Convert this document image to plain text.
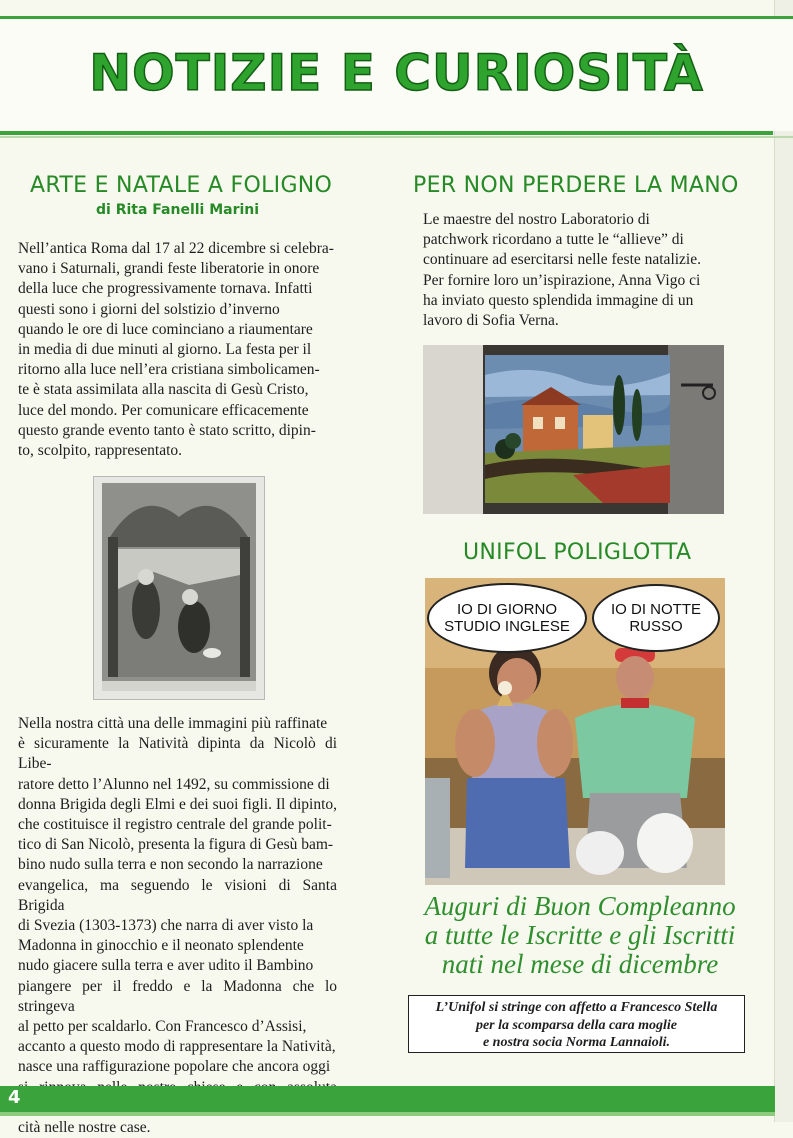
NOTIZIE E CURIOSITÀ
ARTE E NATALE A FOLIGNO
di Rita Fanelli Marini
Nell’antica Roma dal 17 al 22 dicembre si celebra-
vano i Saturnali, grandi feste liberatorie in onore
della luce che progressivamente tornava. Infatti
questi sono i giorni del solstizio d’inverno
quando le ore di luce cominciano a riaumentare
in media di due minuti al giorno. La festa per il
ritorno alla luce nell’era cristiana simbolicamen-
te è stata assimilata alla nascita di Gesù Cristo,
luce del mondo. Per comunicare efficacemente
questo grande evento tanto è stato scritto, dipin-
to, scolpito, rappresentato.
Nella nostra città una delle immagini più raffinate
è sicuramente la Natività dipinta da Nicolò di Libe-
ratore detto l’Alunno nel 1492, su commissione di
donna Brigida degli Elmi e dei suoi figli. Il dipinto,
che costituisce il registro centrale del grande polit-
tico di San Nicolò, presenta la figura di Gesù bam-
bino nudo sulla terra e non secondo la narrazione
evangelica, ma seguendo le visioni di Santa Brigida
di Svezia (1303-1373) che narra di aver visto la
Madonna in ginocchio e il neonato splendente
nudo giacere sulla terra e aver udito il Bambino
piangere per il freddo e la Madonna che lo stringeva
al petto per scaldarlo. Con Francesco d’Assisi,
accanto a questo modo di rappresentare la Natività,
nasce una raffigurazione popolare che ancora oggi
cità nelle nostre case.
PER NON PERDERE LA MANO
Le maestre del nostro Laboratorio di
patchwork ricordano a tutte le “allieve” di
continuare ad esercitarsi nelle feste natalizie.
Per fornire loro un’ispirazione, Anna Vigo ci
ha inviato questo splendida immagine di un
lavoro di Sofia Verna.
UNIFOL POLIGLOTTA
IO DI GIORNO
STUDIO INGLESE
IO DI NOTTE
RUSSO
Auguri di Buon Compleanno
a tutte le Iscritte e gli Iscritti
nati nel mese di dicembre
L’Unifol si stringe con affetto a Francesco Stella
per la scomparsa della cara moglie
e nostra socia Norma Lannaioli.
4
